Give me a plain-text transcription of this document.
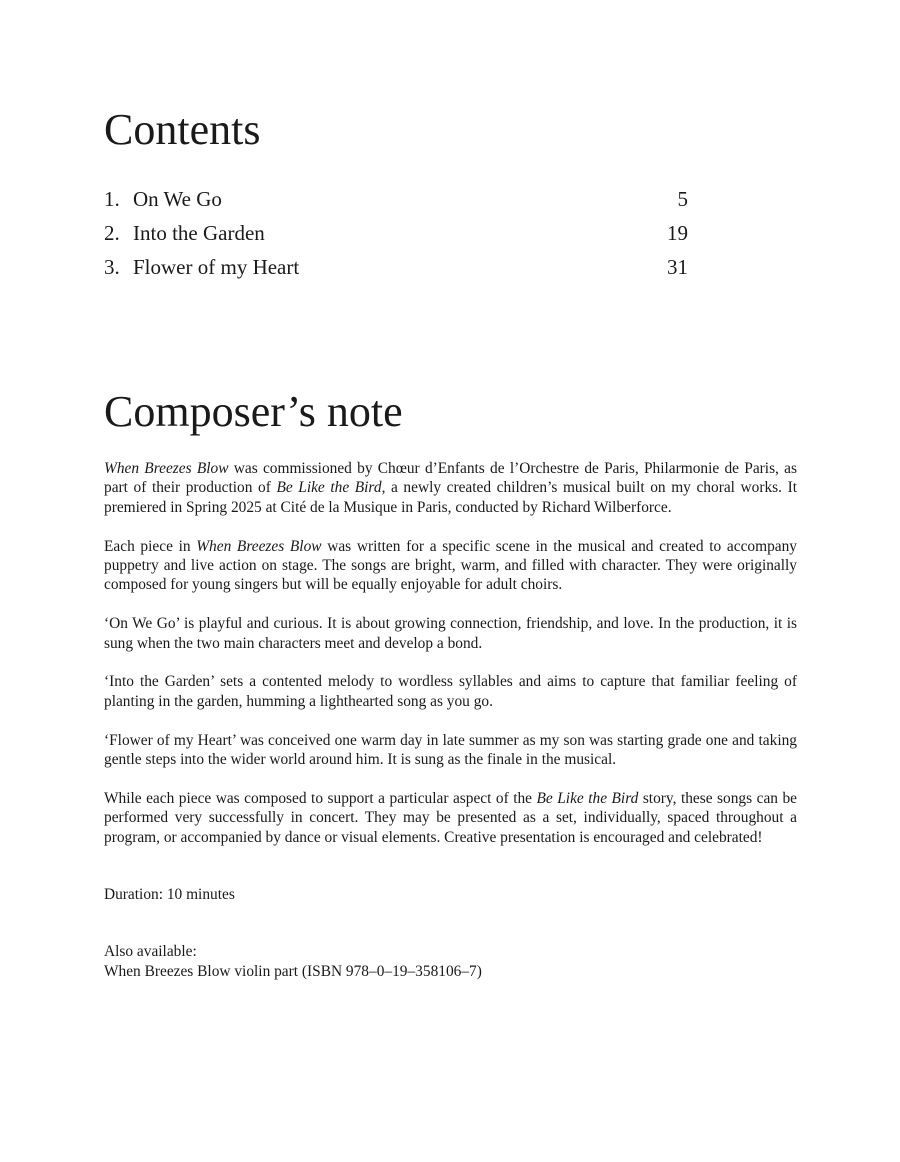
Contents
1. On We Go	5
2. Into the Garden	19
3. Flower of my Heart	31
Composer’s note

When Breezes Blow was commissioned by Chœur d’Enfants de l’Orchestre de Paris, Philarmonie de Paris, as part of their production of Be Like the Bird, a newly created children’s musical built on my choral works. It premiered in Spring 2025 at Cité de la Musique in Paris, conducted by Richard Wilberforce.

Each piece in When Breezes Blow was written for a specific scene in the musical and created to accompany puppetry and live action on stage. The songs are bright, warm, and filled with character. They were originally composed for young singers but will be equally enjoyable for adult choirs.

‘On We Go’ is playful and curious. It is about growing connection, friendship, and love. In the production, it is sung when the two main characters meet and develop a bond.

‘Into the Garden’ sets a contented melody to wordless syllables and aims to capture that familiar feeling of planting in the garden, humming a lighthearted song as you go.

‘Flower of my Heart’ was conceived one warm day in late summer as my son was starting grade one and taking gentle steps into the wider world around him. It is sung as the finale in the musical.

While each piece was composed to support a particular aspect of the Be Like the Bird story, these songs can be performed very successfully in concert. They may be presented as a set, individually, spaced throughout a program, or accompanied by dance or visual elements. Creative presentation is encouraged and celebrated!

Duration: 10 minutes

Also available:
When Breezes Blow violin part (ISBN 978–0–19–358106–7)
